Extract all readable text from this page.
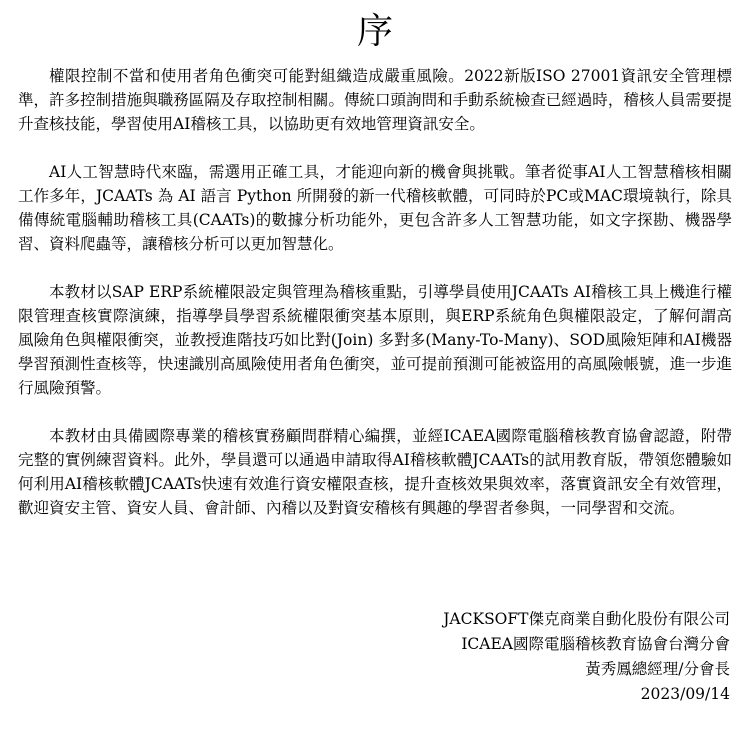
序

權限控制不當和使用者角色衝突可能對組織造成嚴重風險。2022新版ISO 27001資訊安全管理標準，許多控制措施與職務區隔及存取控制相關。傳統口頭詢問和手動系統檢查已經過時，稽核人員需要提升查核技能，學習使用AI稽核工具，以協助更有效地管理資訊安全。

AI人工智慧時代來臨，需選用正確工具，才能迎向新的機會與挑戰。筆者從事AI人工智慧稽核相關工作多年，JCAATs 為 AI 語言 Python 所開發的新一代稽核軟體，可同時於PC或MAC環境執行，除具備傳統電腦輔助稽核工具(CAATs)的數據分析功能外，更包含許多人工智慧功能，如文字探勘、機器學習、資料爬蟲等，讓稽核分析可以更加智慧化。

本教材以SAP ERP系統權限設定與管理為稽核重點，引導學員使用JCAATs AI稽核工具上機進行權限管理查核實際演練，指導學員學習系統權限衝突基本原則，與ERP系統角色與權限設定，了解何謂高風險角色與權限衝突，並教授進階技巧如比對(Join) 多對多(Many-To-Many)、SOD風險矩陣和AI機器學習預測性查核等，快速識別高風險使用者角色衝突，並可提前預測可能被盜用的高風險帳號，進一步進行風險預警。

本教材由具備國際專業的稽核實務顧問群精心編撰，並經ICAEA國際電腦稽核教育協會認證，附帶完整的實例練習資料。此外，學員還可以通過申請取得AI稽核軟體JCAATs的試用教育版，帶領您體驗如何利用AI稽核軟體JCAATs快速有效進行資安權限查核，提升查核效果與效率，落實資訊安全有效管理，歡迎資安主管、資安人員、會計師、內稽以及對資安稽核有興趣的學習者參與，一同學習和交流。

JACKSOFT傑克商業自動化股份有限公司
ICAEA國際電腦稽核教育協會台灣分會
黃秀鳳總經理/分會長
2023/09/14
